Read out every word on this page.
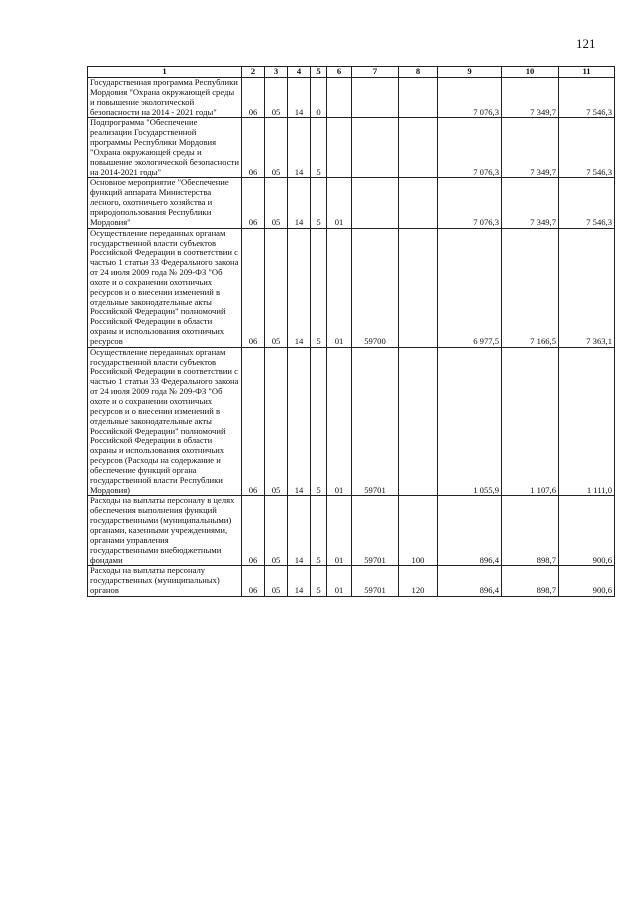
121
1	2	3	4	5	6	7	8	9	10	11
Государственная программа Республики Мордовия "Охрана окружающей среды и повышение экологической безопасности на 2014 - 2021 годы"	06	05	14	0				7 076,3	7 349,7	7 546,3
Подпрограмма "Обеспечение реализации Государственной программы Республики Мордовия "Охрана окружающей среды и повышение экологической безопасности на 2014-2021 годы"	06	05	14	5				7 076,3	7 349,7	7 546,3
Основное мероприятие "Обеспечение функций аппарата Министерства лесного, охотничьего хозяйства и природопользования Республики Мордовия"	06	05	14	5	01			7 076,3	7 349,7	7 546,3
Осуществление переданных органам государственной власти субъектов Российской Федерации в соответствии с частью 1 статьи 33 Федерального закона от 24 июля 2009 года № 209-ФЗ "Об охоте и о сохранении охотничьих ресурсов и о внесении изменений в отдельные законодательные акты Российской Федерации" полномочий Российской Федерации в области охраны и использования охотничьих ресурсов	06	05	14	5	01	59700		6 977,5	7 166,5	7 363,1
Осуществление переданных органам государственной власти субъектов Российской Федерации в соответствии с частью 1 статьи 33 Федерального закона от 24 июля 2009 года № 209-ФЗ "Об охоте и о сохранении охотничьих ресурсов и о внесении изменений в отдельные законодательные акты Российской Федерации" полномочий Российской Федерации в области охраны и использования охотничьих ресурсов (Расходы на содержание и обеспечение функций органа государственной власти Республики Мордовия)	06	05	14	5	01	59701		1 055,9	1 107,6	1 111,0
Расходы на выплаты персоналу в целях обеспечения выполнения функций государственными (муниципальными) органами, казенными учреждениями, органами управления государственными внебюджетными фондами	06	05	14	5	01	59701	100	896,4	898,7	900,6
Расходы на выплаты персоналу государственных (муниципальных) органов	06	05	14	5	01	59701	120	896,4	898,7	900,6
